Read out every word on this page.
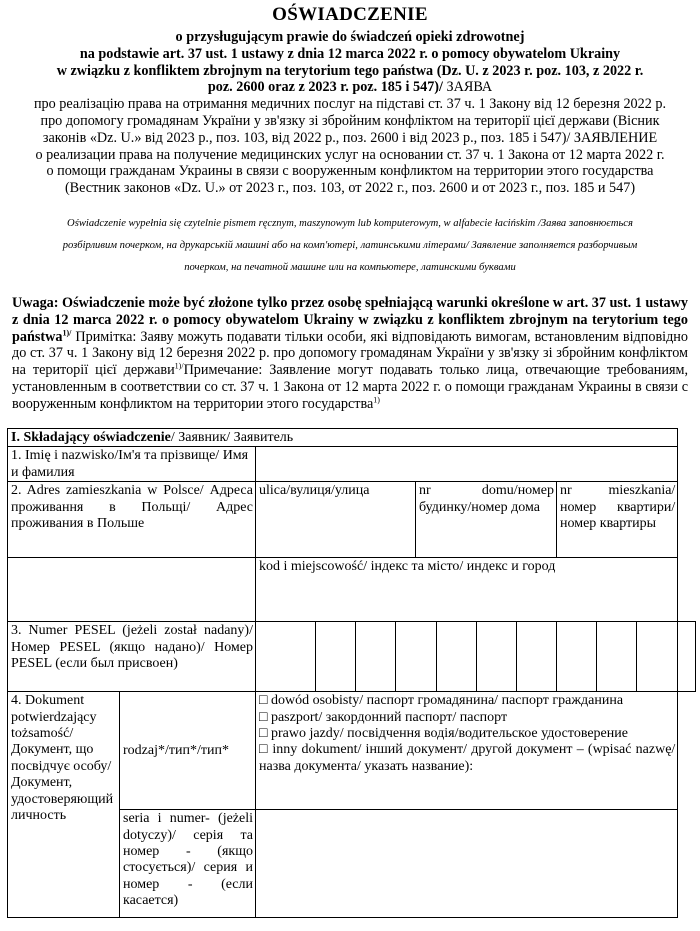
OŚWIADCZENIE
o przysługującym prawie do świadczeń opieki zdrowotnej
na podstawie art. 37 ust. 1 ustawy z dnia 12 marca 2022 r. o pomocy obywatelom Ukrainy
w związku z konfliktem zbrojnym na terytorium tego państwa (Dz. U. z 2023 r. poz. 103, z 2022 r.
poz. 2600 oraz z 2023 r. poz. 185 i 547)/ ЗАЯВА
про реалізацію права на отримання медичних послуг на підставі ст. 37 ч. 1 Закону від 12 березня 2022 р.
про допомогу громадянам України у зв'язку зі збройним конфліктом на території цієї держави (Вісник
законів «Dz. U.» від 2023 р., поз. 103, від 2022 р., поз. 2600 і від 2023 р., поз. 185 і 547)/ ЗАЯВЛЕНИЕ
о реализации права на получение медицинских услуг на основании ст. 37 ч. 1 Закона от 12 марта 2022 г.
о помощи гражданам Украины в связи с вооруженным конфликтом на территории этого государства
(Вестник законов «Dz. U.» от 2023 г., поз. 103, от 2022 г., поз. 2600 и от 2023 г., поз. 185 и 547)
Oświadczenie wypełnia się czytelnie pismem ręcznym, maszynowym lub komputerowym, w alfabecie łacińskim /Заява заповнюється
розбірливим почерком, на друкарській машині або на комп'ютері, латинськими літерами/ Заявление заполняется разборчивым
почерком, на печатной машине или на компьютере, латинскими буквами

Uwaga: Oświadczenie może być złożone tylko przez osobę spełniającą warunki określone w art. 37 ust. 1 ustawy z dnia 12 marca 2022 r. o pomocy obywatelom Ukrainy w związku z konfliktem zbrojnym na terytorium tego państwa$^{1)/}$ Примітка: Заяву можуть подавати тільки особи, які відповідають вимогам, встановленим відповідно до ст. 37 ч. 1 Закону від 12 березня 2022 р. про допомогу громадянам України у зв'язку зі збройним конфліктом на території цієї держави$^{1)/}$Примечание: Заявление могут подавать только лица, отвечающие требованиям, установленным в соответствии со ст. 37 ч. 1 Закона от 12 марта 2022 г. о помощи гражданам Украины в связи с вооруженным конфликтом на территории этого государства$^{1)}$

I. Składający oświadczenie/ Заявник/ Заявитель													
1. Imię i nazwisko/Ім'я та прізвище/ Имя и фамилия													
2. Adres zamieszkania w Polsce/ Адреса проживання в Польщі/ Адрес проживания в Польше		ulica/вулиця/улица				nr domu/номер будинку/номер дома				nr mieszkania/номер квартири/ номер квартиры			
		kod i miejscowość/ індекс та місто/ индекс и город											
3. Numer PESEL (jeżeli został nadany)/ Номер PESEL (якщо надано)/ Номер PESEL (если был присвоен)													
4. Dokument potwierdzający tożsamość/ Документ, що посвідчує особу/ Документ, удостоверяющий личность	rodzaj*/тип*/тип*	□ dowód osobisty/ паспорт громадянина/ паспорт гражданина
□ paszport/ закордонний паспорт/ паспорт
□ prawo jazdy/ посвідчення водія/водительское удостоверение
□ inny dokument/ інший документ/ другой документ – (wpisać nazwę/ назва документа/ указать название):											

	seria i numer- (jeżeli dotyczy)/ серія та номер - (якщо стосується)/ серия и номер - (если касается)												
